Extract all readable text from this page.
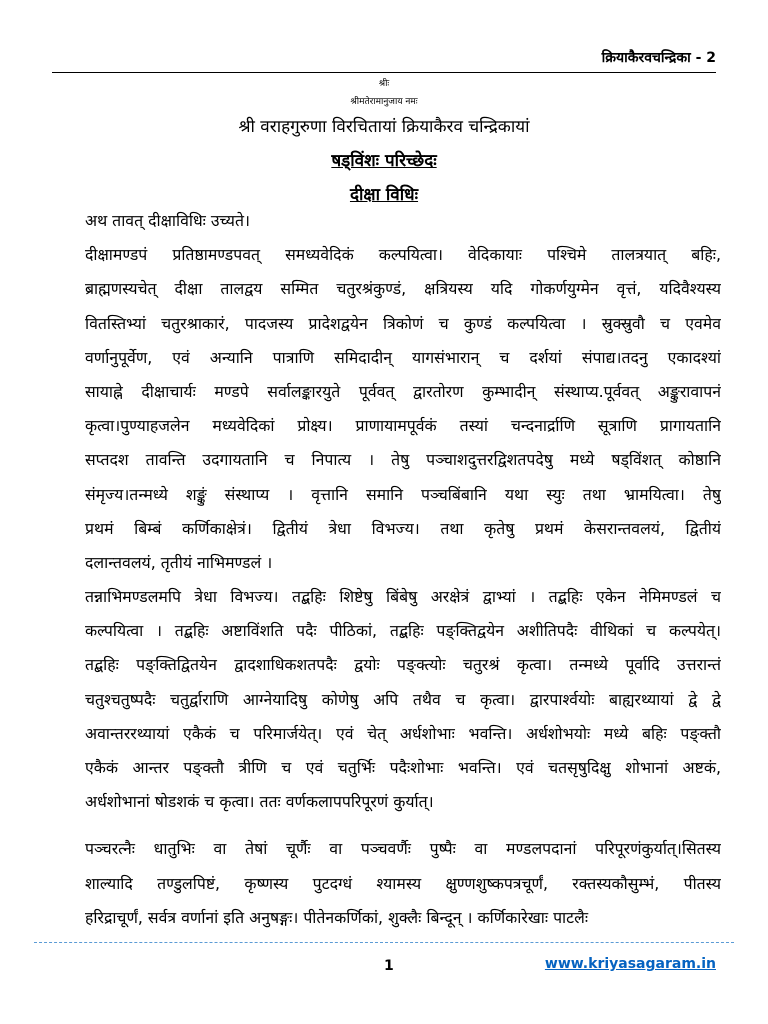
क्रियाकैरवचन्द्रिका - 2
श्रीः
श्रीमतेरामानुजाय नमः
श्री वराहगुरुणा विरचितायां क्रियाकैरव चन्द्रिकायां
षड्विंशः परिच्छेदः
दीक्षा विधिः
अथ तावत् दीक्षाविधिः उच्यते।
दीक्षामण्डपं प्रतिष्ठामण्डपवत् समध्यवेदिकं कल्पयित्वा। वेदिकायाः पश्चिमे तालत्रयात् बहिः,
ब्राह्मणस्यचेत् दीक्षा तालद्वय सम्मित चतुरश्रंकुण्डं, क्षत्रियस्य यदि गोकर्णयुग्मेन वृत्तं, यदिवैश्यस्य
वितस्तिभ्यां चतुरश्राकारं, पादजस्य प्रादेशद्वयेन त्रिकोणं च कुण्डं कल्पयित्वा । स्रुक्स्रुवौ च एवमेव
वर्णानुपूर्वेण, एवं अन्यानि पात्राणि समिदादीन् यागसंभारान् च दर्शयां संपाद्य।तदनु एकादश्यां
सायाह्ने दीक्षाचार्यः मण्डपे सर्वालङ्कारयुते पूर्ववत् द्वारतोरण कुम्भादीन् संस्थाप्य.पूर्ववत् अङ्कुरावापनं
कृत्वा।पुण्याहजलेन मध्यवेदिकां प्रोक्ष्य। प्राणायामपूर्वकं तस्यां चन्दनार्द्राणि सूत्राणि प्रागायतानि
सप्तदश तावन्ति उदगायतानि च निपात्य । तेषु पञ्चाशदुत्तरद्विशतपदेषु मध्ये षड्विंशत् कोष्ठानि
संमृज्य।तन्मध्ये शङ्कुं संस्थाप्य । वृत्तानि समानि पञ्चबिंबानि यथा स्युः तथा भ्रामयित्वा। तेषु
प्रथमं बिम्बं कर्णिकाक्षेत्रं। द्वितीयं त्रेधा विभज्य। तथा कृतेषु प्रथमं केसरान्तवलयं, द्वितीयं
दलान्तवलयं, तृतीयं नाभिमण्डलं ।
तन्नाभिमण्डलमपि त्रेधा विभज्य। तद्बहिः शिष्टेषु बिंबेषु अरक्षेत्रं द्वाभ्यां । तद्बहिः एकेन नेमिमण्डलं च
कल्पयित्वा । तद्बहिः अष्टाविंशति पदैः पीठिकां, तद्बहिः पङ्क्तिद्वयेन अशीतिपदैः वीथिकां च कल्पयेत्।
तद्बहिः पङ्क्तिद्वितयेन द्वादशाधिकशतपदैः द्वयोः पङ्क्त्योः चतुरश्रं कृत्वा। तन्मध्ये पूर्वादि उत्तरान्तं
चतुश्चतुष्पदैः चतुर्द्वाराणि आग्नेयादिषु कोणेषु अपि तथैव च कृत्वा। द्वारपार्श्वयोः बाह्यरथ्यायां द्वे द्वे
अवान्तररथ्यायां एकैकं च परिमार्जयेत्। एवं चेत् अर्धशोभाः भवन्ति। अर्धशोभयोः मध्ये बहिः पङ्क्तौ
एकैकं आन्तर पङ्क्तौ त्रीणि च एवं चतुर्भिः पदैःशोभाः भवन्ति। एवं चतसृषुदिक्षु शोभानां अष्टकं,
अर्धशोभानां षोडशकं च कृत्वा। ततः वर्णकलापपरिपूरणं कुर्यात्।
पञ्चरत्नैः धातुभिः वा तेषां चूर्णैः वा पञ्चवर्णैः पुष्पैः वा मण्डलपदानां परिपूरणंकुर्यात्।सितस्य
शाल्यादि तण्डुलपिष्टं, कृष्णस्य पुटदग्धं श्यामस्य क्षुण्णशुष्कपत्रचूर्णं, रक्तस्यकौसुम्भं, पीतस्य
हरिद्राचूर्णं, सर्वत्र वर्णानां इति अनुषङ्गः। पीतेनकर्णिकां, शुक्लैः बिन्दून् । कर्णिकारेखाः पाटलैः
1	www.kriyasagaram.in
